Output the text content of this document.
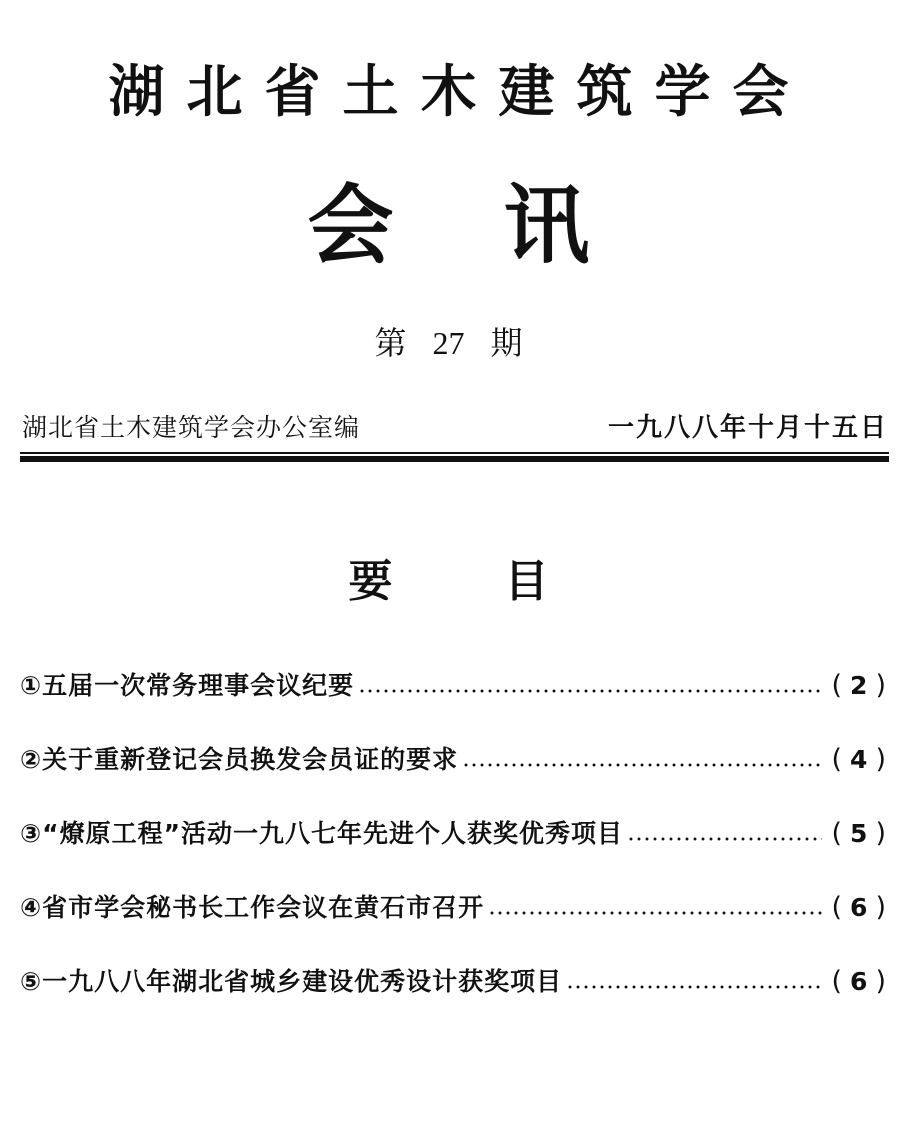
湖北省土木建筑学会
会讯
第 27 期
湖北省土木建筑学会办公室编	一九八八年十月十五日
要目
①五届一次常务理事会议纪要	( 2 )
②关于重新登记会员换发会员证的要求	( 4 )
③“燎原工程”活动一九八七年先进个人获奖优秀项目	( 5 )
④省市学会秘书长工作会议在黄石市召开	( 6 )
⑤一九八八年湖北省城乡建设优秀设计获奖项目	( 6 )
